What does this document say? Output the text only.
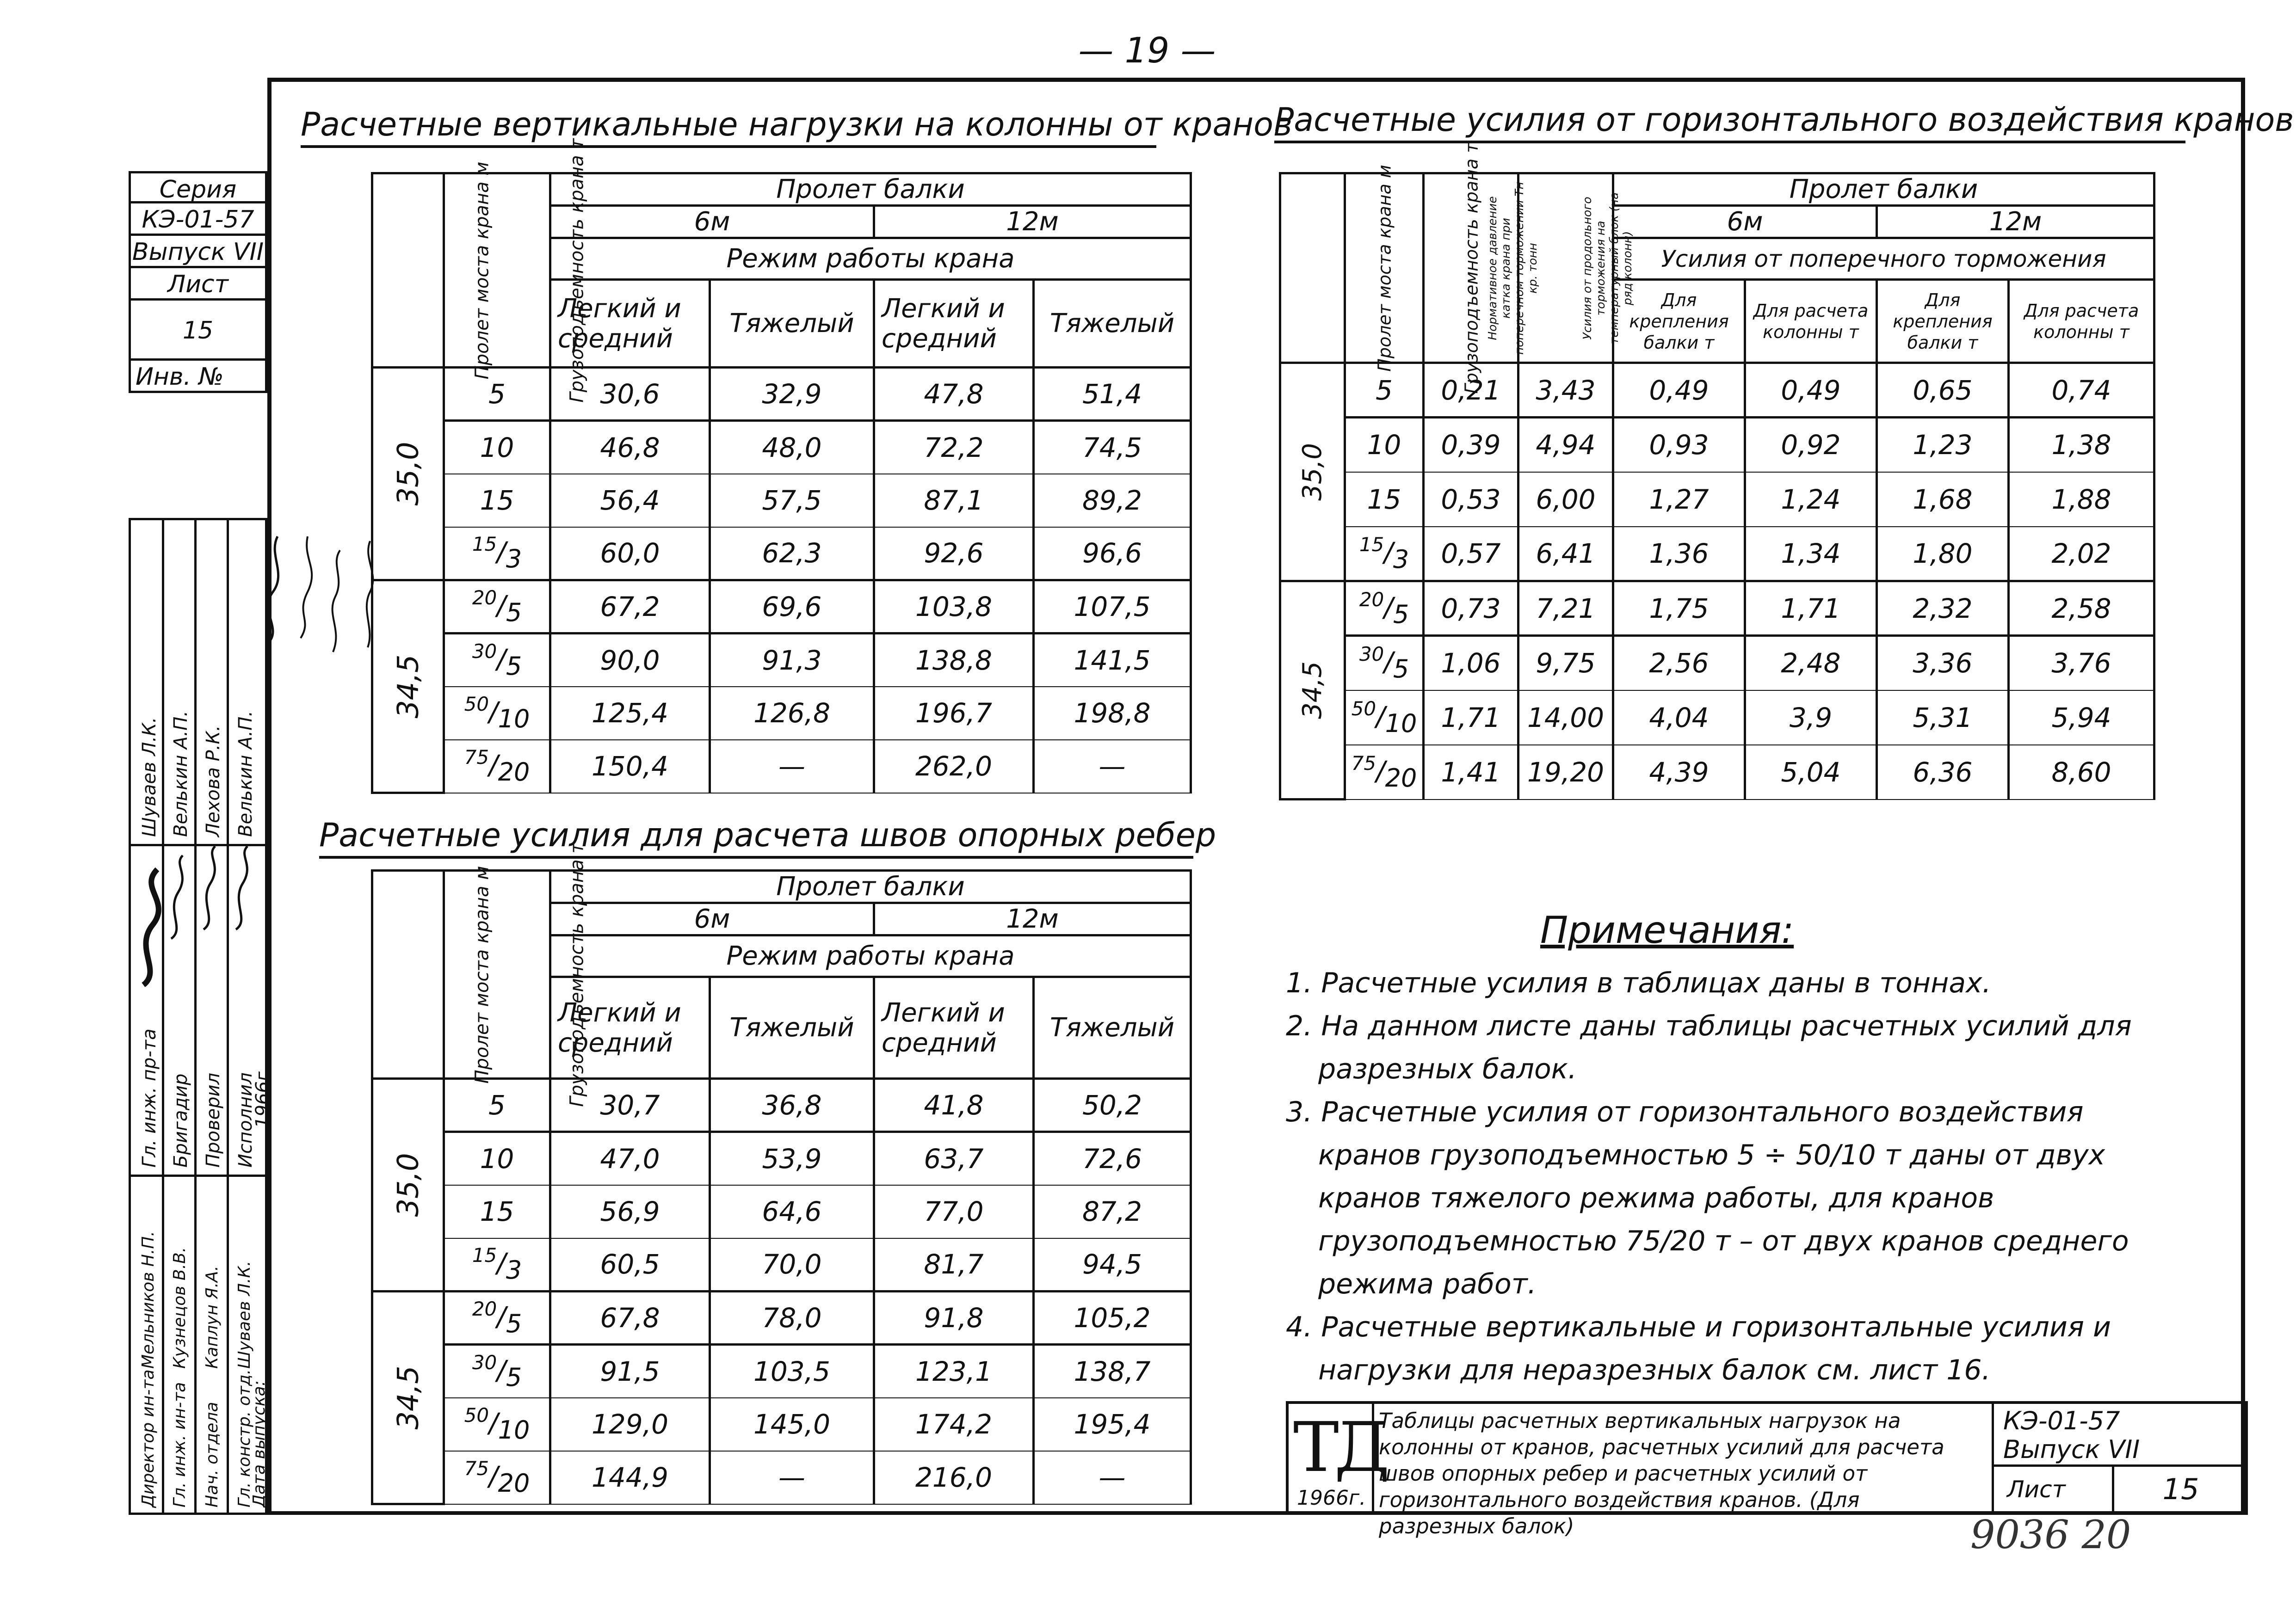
— 19 —
Серия
КЭ-01-57
Выпуск VII
Лист
15
Инв. №
Шуваев Л.К. Велькин А.П. Лехова Р.К. Велькин А.П.
Гл. инж. пр-та Бригадир Проверил Исполнил
Директор ин-та Гл. инж. ин-та Нач. отдела Гл. констр. отд.
Мельников Н.П. Кузнецов В.В. Каплун Я.А. Шуваев Л.К.
Дата выпуска:
1966г.
Расчетные вертикальные нагрузки на колонны от кранов
Пролет моста крана м	Грузоподъемность крана т	Пролет балки			
		6м		12м	
		Режим работы крана			
		Легкий и средний	Тяжелый	Легкий и средний	Тяжелый
35,0	5	30,6	32,9	47,8	51,4
	10	46,8	48,0	72,2	74,5
	15	56,4	57,5	87,1	89,2
	$^{15}/_3$	60,0	62,3	92,6	96,6
34,5	$^{20}/_5$	67,2	69,6	103,8	107,5
	$^{30}/_5$	90,0	91,3	138,8	141,5
	$^{50}/_{10}$	125,4	126,8	196,7	198,8
	$^{75}/_{20}$	150,4	—	262,0	—
Расчетные усилия для расчета швов опорных ребер
Пролет моста крана м	Грузоподъемность крана т	Пролет балки			
		6м		12м	
		Режим работы крана			
		Легкий и средний	Тяжелый	Легкий и средний	Тяжелый
35,0	5	30,7	36,8	41,8	50,2
	10	47,0	53,9	63,7	72,6
	15	56,9	64,6	77,0	87,2
	$^{15}/_3$	60,5	70,0	81,7	94,5
34,5	$^{20}/_5$	67,8	78,0	91,8	105,2
	$^{30}/_5$	91,5	103,5	123,1	138,7
	$^{50}/_{10}$	129,0	145,0	174,2	195,4
	$^{75}/_{20}$	144,9	—	216,0	—
Расчетные усилия от горизонтального воздействия кранов
Пролет моста крана м	Грузоподъемность крана т	Нормативное давление катка крана при поперечном торможении Тн кр. тонн	Усилия от продольного торможения на температурный блок (на ряд колонн)	Пролет балки			
				6м		12м	
				Усилия от поперечного торможения			
				Для крепления балки т	Для расчета колонны т	Для крепления балки т	Для расчета колонны т
35,0	5	0,21	3,43	0,49	0,49	0,65	0,74
	10	0,39	4,94	0,93	0,92	1,23	1,38
	15	0,53	6,00	1,27	1,24	1,68	1,88
	$^{15}/_3$	0,57	6,41	1,36	1,34	1,80	2,02
34,5	$^{20}/_5$	0,73	7,21	1,75	1,71	2,32	2,58
	$^{30}/_5$	1,06	9,75	2,56	2,48	3,36	3,76
	$^{50}/_{10}$	1,71	14,00	4,04	3,9	5,31	5,94
	$^{75}/_{20}$	1,41	19,20	4,39	5,04	6,36	8,60
Примечания:
1. Расчетные усилия в таблицах даны в тоннах.
2. На данном листе даны таблицы расчетных усилий для разрезных балок.
3. Расчетные усилия от горизонтального воздействия кранов грузоподъемностью 5 ÷ 50/10 т даны от двух кранов тяжелого режима работы, для кранов грузоподъемностью 75/20 т – от двух кранов среднего режима работ.
4. Расчетные вертикальные и горизонтальные усилия и нагрузки для неразрезных балок см. лист 16.
ТД
1966г.
Таблицы расчетных вертикальных нагрузок на колонны от кранов, расчетных усилий для расчета швов опорных ребер и расчетных усилий от горизонтального воздействия кранов. (Для разрезных балок)
КЭ-01-57
Выпуск VII
Лист	15
9036 20
